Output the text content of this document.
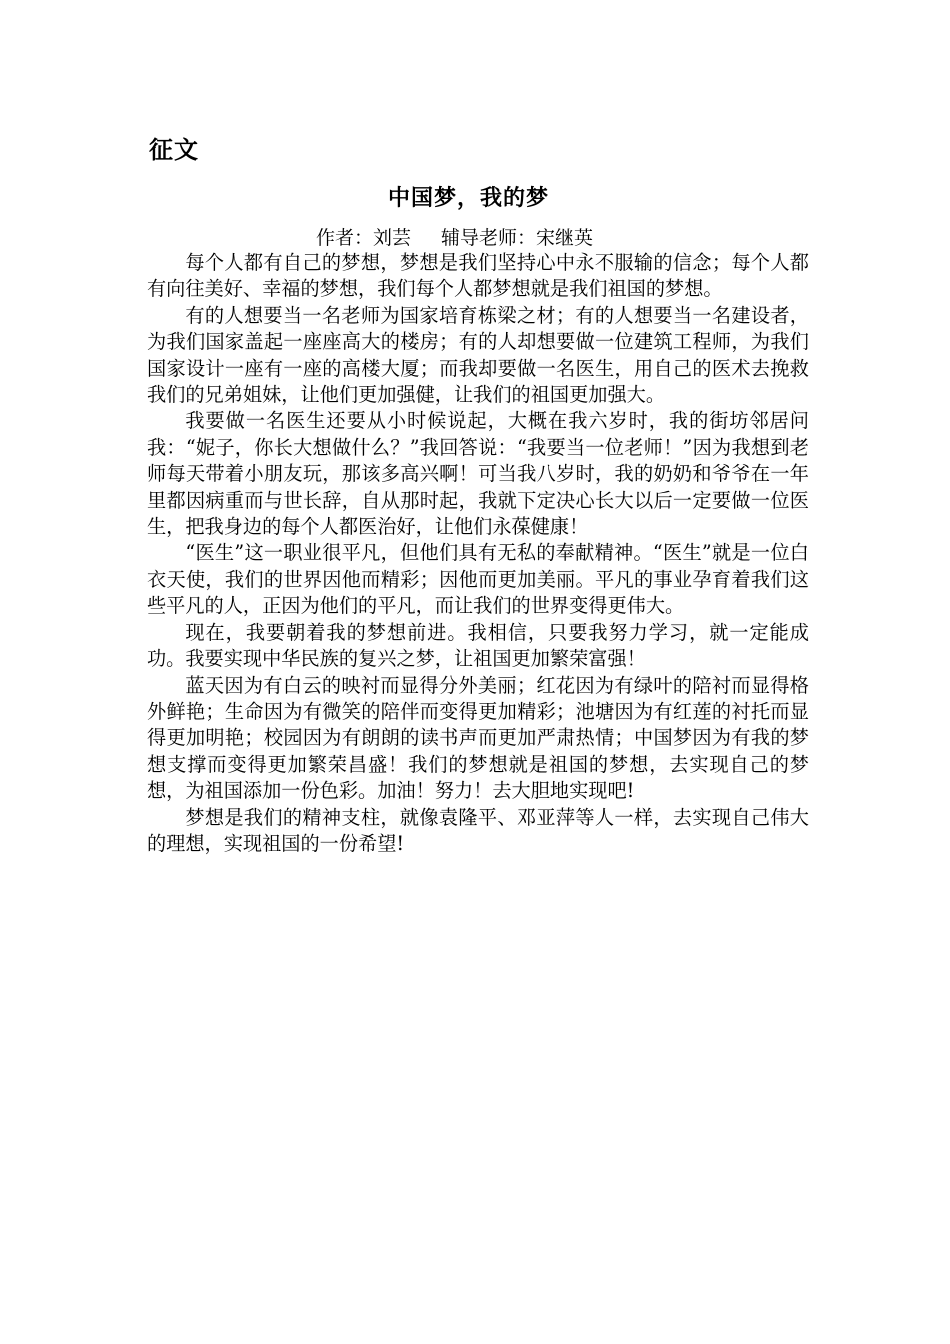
征文
中国梦，我的梦
作者：刘芸 辅导老师：宋继英

每个人都有自己的梦想，梦想是我们坚持心中永不服输的信念；每个人都有向往美好、幸福的梦想，我们每个人都梦想就是我们祖国的梦想。

有的人想要当一名老师为国家培育栋梁之材；有的人想要当一名建设者，为我们国家盖起一座座高大的楼房；有的人却想要做一位建筑工程师，为我们国家设计一座有一座的高楼大厦；而我却要做一名医生，用自己的医术去挽救我们的兄弟姐妹，让他们更加强健，让我们的祖国更加强大。

我要做一名医生还要从小时候说起，大概在我六岁时，我的街坊邻居问我：“妮子，你长大想做什么？”我回答说：“我要当一位老师！”因为我想到老师每天带着小朋友玩，那该多高兴啊！可当我八岁时，我的奶奶和爷爷在一年里都因病重而与世长辞，自从那时起，我就下定决心长大以后一定要做一位医生，把我身边的每个人都医治好，让他们永葆健康！

“医生”这一职业很平凡，但他们具有无私的奉献精神。“医生”就是一位白衣天使，我们的世界因他而精彩；因他而更加美丽。平凡的事业孕育着我们这些平凡的人，正因为他们的平凡，而让我们的世界变得更伟大。

现在，我要朝着我的梦想前进。我相信，只要我努力学习，就一定能成功。我要实现中华民族的复兴之梦，让祖国更加繁荣富强！

蓝天因为有白云的映衬而显得分外美丽；红花因为有绿叶的陪衬而显得格外鲜艳；生命因为有微笑的陪伴而变得更加精彩；池塘因为有红莲的衬托而显得更加明艳；校园因为有朗朗的读书声而更加严肃热情；中国梦因为有我的梦想支撑而变得更加繁荣昌盛！我们的梦想就是祖国的梦想，去实现自己的梦想，为祖国添加一份色彩。加油！努力！去大胆地实现吧!

梦想是我们的精神支柱，就像袁隆平、邓亚萍等人一样，去实现自己伟大的理想，实现祖国的一份希望!
